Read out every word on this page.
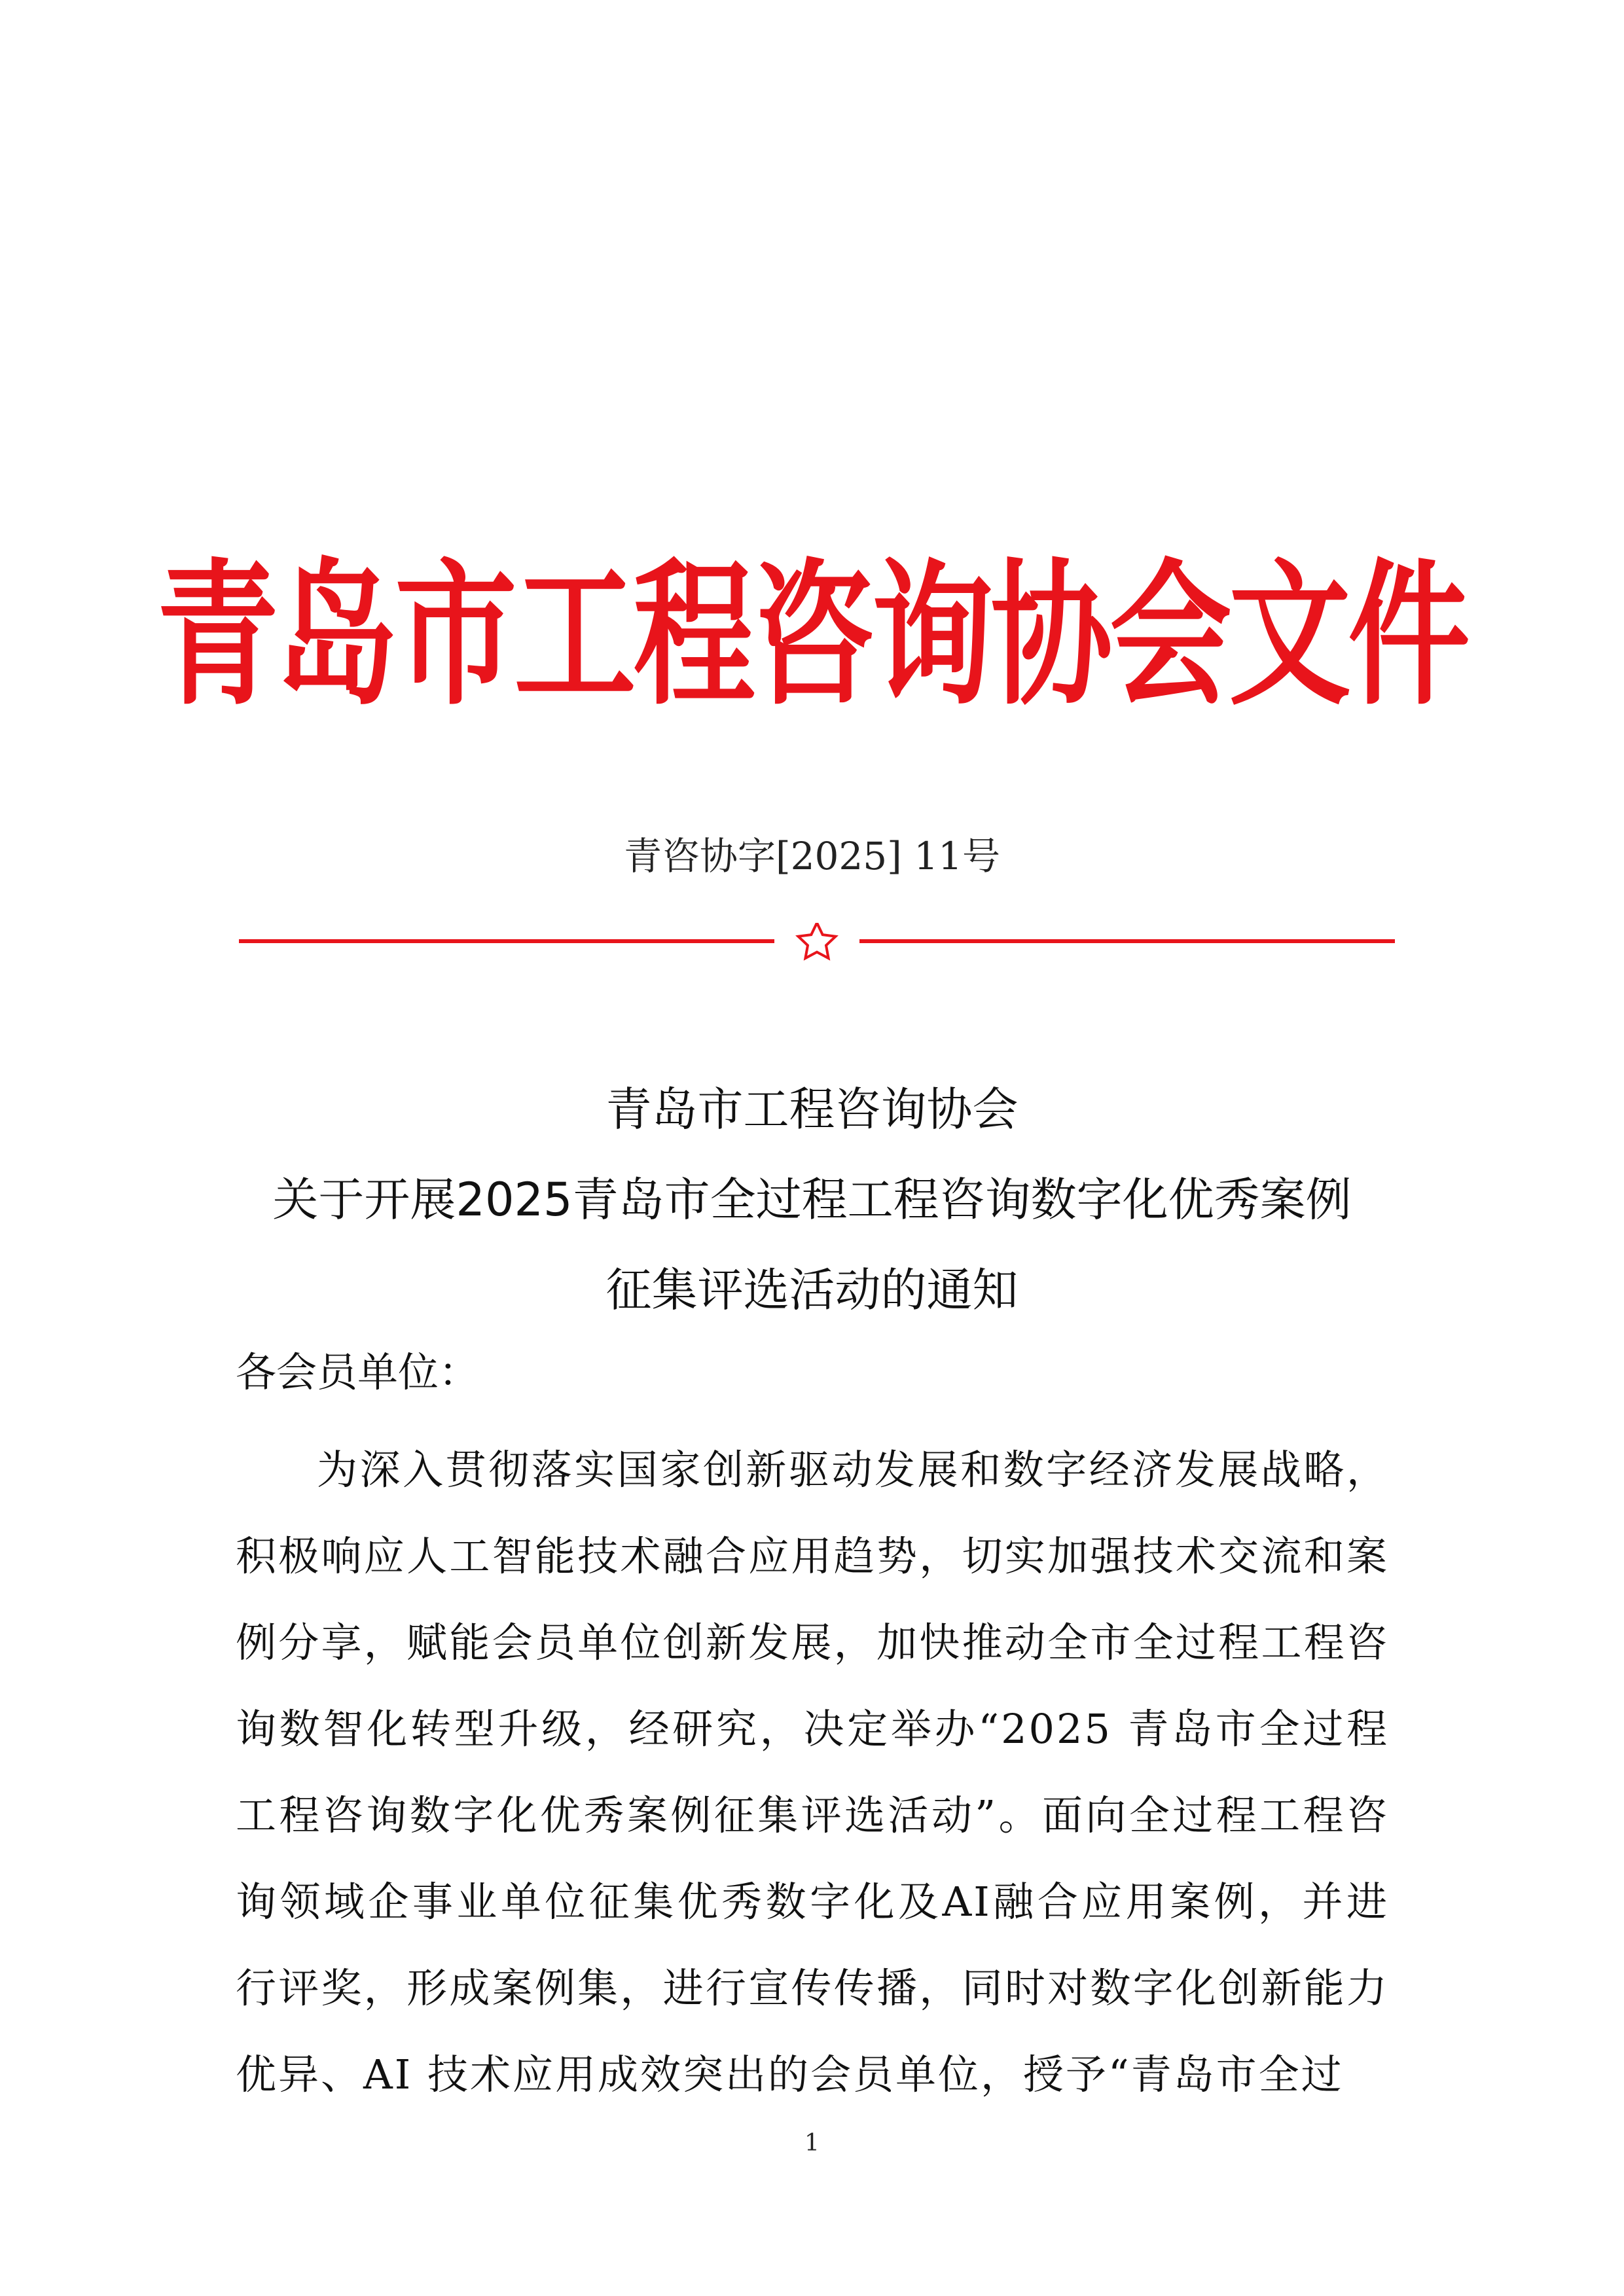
青岛市工程咨询协会文件
青咨协字[2025] 11号
青岛市工程咨询协会
关于开展2025青岛市全过程工程咨询数字化优秀案例
征集评选活动的通知
各会员单位：
为深入贯彻落实国家创新驱动发展和数字经济发展战略，积极响应人工智能技术融合应用趋势，切实加强技术交流和案例分享，赋能会员单位创新发展，加快推动全市全过程工程咨询数智化转型升级，经研究，决定举办“2025 青岛市全过程工程咨询数字化优秀案例征集评选活动”。面向全过程工程咨询领域企事业单位征集优秀数字化及AI融合应用案例，并进行评奖，形成案例集，进行宣传传播，同时对数字化创新能力优异、AI 技术应用成效突出的会员单位，授予“青岛市全过
1
